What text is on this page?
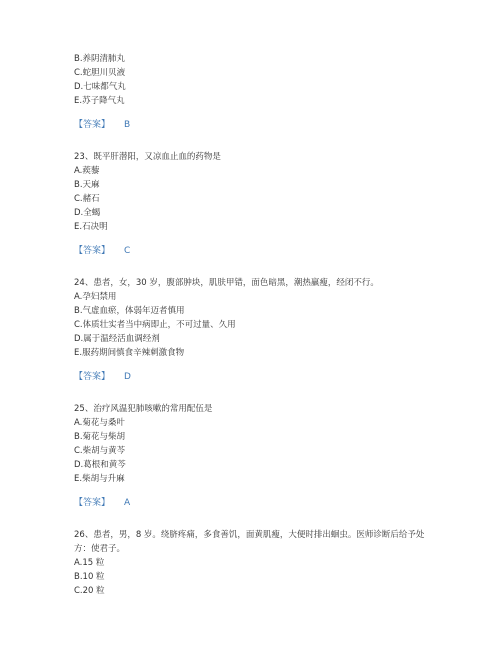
B.养阴清肺丸
C.蛇胆川贝液
D.七味都气丸
E.苏子降气丸
【答案】 B
23、既平肝潜阳，又凉血止血的药物是
A.蒺藜
B.天麻
C.赭石
D.全蝎
E.石决明
【答案】 C
24、患者，女，30 岁，腹部肿块，肌肤甲错，面色暗黑，潮热羸瘦，经闭不行。
A.孕妇禁用
B.气虚血瘀，体弱年迈者慎用
C.体质壮实者当中病即止，不可过量、久用
D.属于温经活血调经剂
E.服药期间慎食辛辣刺激食物
【答案】 D
25、治疗风温犯肺咳嗽的常用配伍是
A.菊花与桑叶
B.菊花与柴胡
C.柴胡与黄芩
D.葛根和黄芩
E.柴胡与升麻
【答案】 A
26、患者，男，8 岁。绕脐疼痛，多食善饥，面黄肌瘦，大便时排出蛔虫。医师诊断后给予处方：使君子。
A.15 粒
B.10 粒
C.20 粒
